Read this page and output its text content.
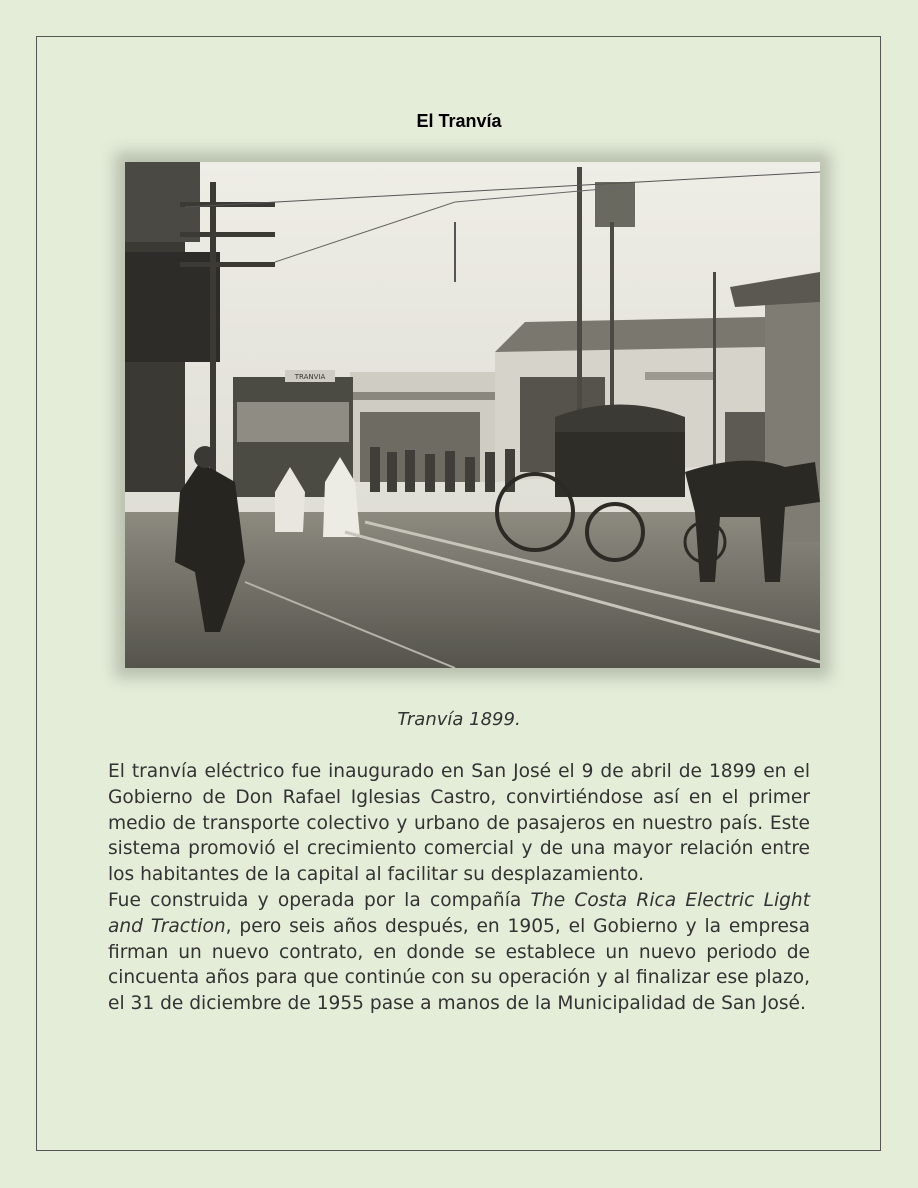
El Tranvía
TRANVIA
Tranvía 1899.

El tranvía eléctrico fue inaugurado en San José el 9 de abril de 1899 en el Gobierno de Don Rafael Iglesias Castro, convirtiéndose así en el primer medio de transporte colectivo y urbano de pasajeros en nuestro país. Este sistema promovió el crecimiento comercial y de una mayor relación entre los habitantes de la capital al facilitar su desplazamiento.

Fue construida y operada por la compañía The Costa Rica Electric Light and Traction, pero seis años después, en 1905, el Gobierno y la empresa firman un nuevo contrato, en donde se establece un nuevo periodo de cincuenta años para que continúe con su operación y al finalizar ese plazo, el 31 de diciembre de 1955 pase a manos de la Municipalidad de San José.
